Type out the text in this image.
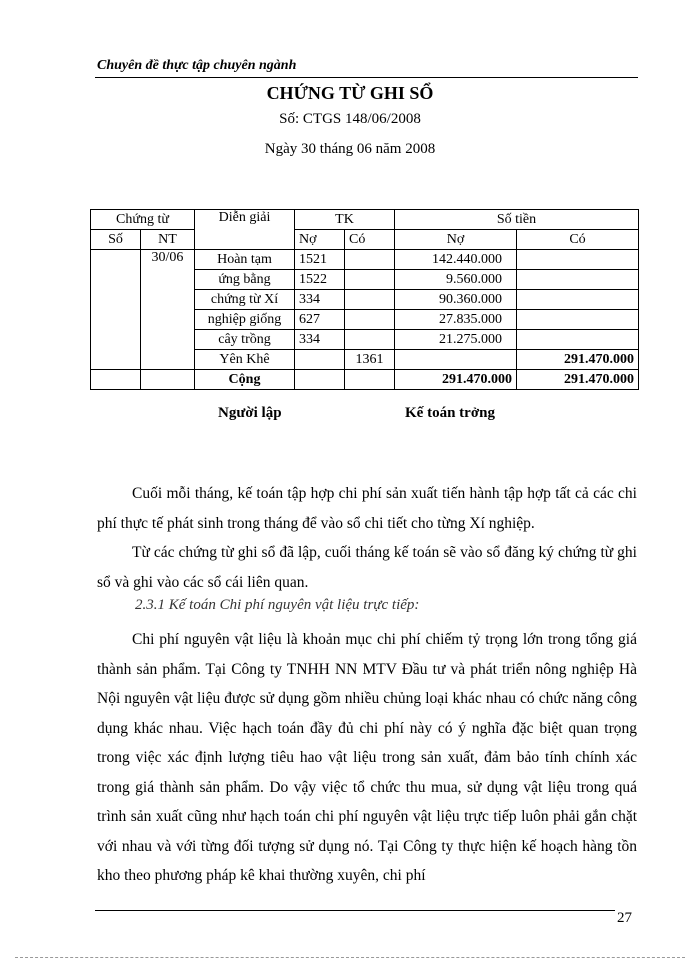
Chuyên đề thực tập chuyên ngành
CHỨNG TỪ GHI SỔ
Số: CTGS 148/06/2008
Ngày 30 tháng 06 năm 2008
Chứng từ		Diễn giải	TK		Số tiền	
Số	NT		Nợ	Có	Nợ	Có
	30/06	Hoàn tạm	1521		142.440.000	
		ứng bằng	1522		9.560.000	
		chứng từ Xí	334		90.360.000	
		nghiệp giống	627		27.835.000	
		cây trồng	334		21.275.000	
		Yên Khê		1361		291.470.000
		Cộng			291.470.000	291.470.000
Người lập	Kế toán trởng
Cuối mỗi tháng, kế toán tập hợp chi phí sản xuất tiến hành tập hợp tất cả các chi phí thực tế phát sinh trong tháng để vào sổ chi tiết cho từng Xí nghiệp.
Từ các chứng từ ghi sổ đã lập, cuối tháng kế toán sẽ vào sổ đăng ký chứng từ ghi sổ và ghi vào các sổ cái liên quan.
2.3.1 Kế toán Chi phí nguyên vật liệu trực tiếp:
Chi phí nguyên vật liệu là khoản mục chi phí chiếm tỷ trọng lớn trong tổng giá thành sản phẩm. Tại Công ty TNHH NN MTV Đầu tư và phát triển nông nghiệp Hà Nội nguyên vật liệu được sử dụng gồm nhiều chủng loại khác nhau có chức năng công dụng khác nhau. Việc hạch toán đầy đủ chi phí này có ý nghĩa đặc biệt quan trọng trong việc xác định lượng tiêu hao vật liệu trong sản xuất, đảm bảo tính chính xác trong giá thành sản phẩm. Do vậy việc tổ chức thu mua, sử dụng vật liệu trong quá trình sản xuất cũng như hạch toán chi phí nguyên vật liệu trực tiếp luôn phải gắn chặt với nhau và với từng đối tượng sử dụng nó. Tại Công ty thực hiện kế hoạch hàng tồn kho theo phương pháp kê khai thường xuyên, chi phí
27
